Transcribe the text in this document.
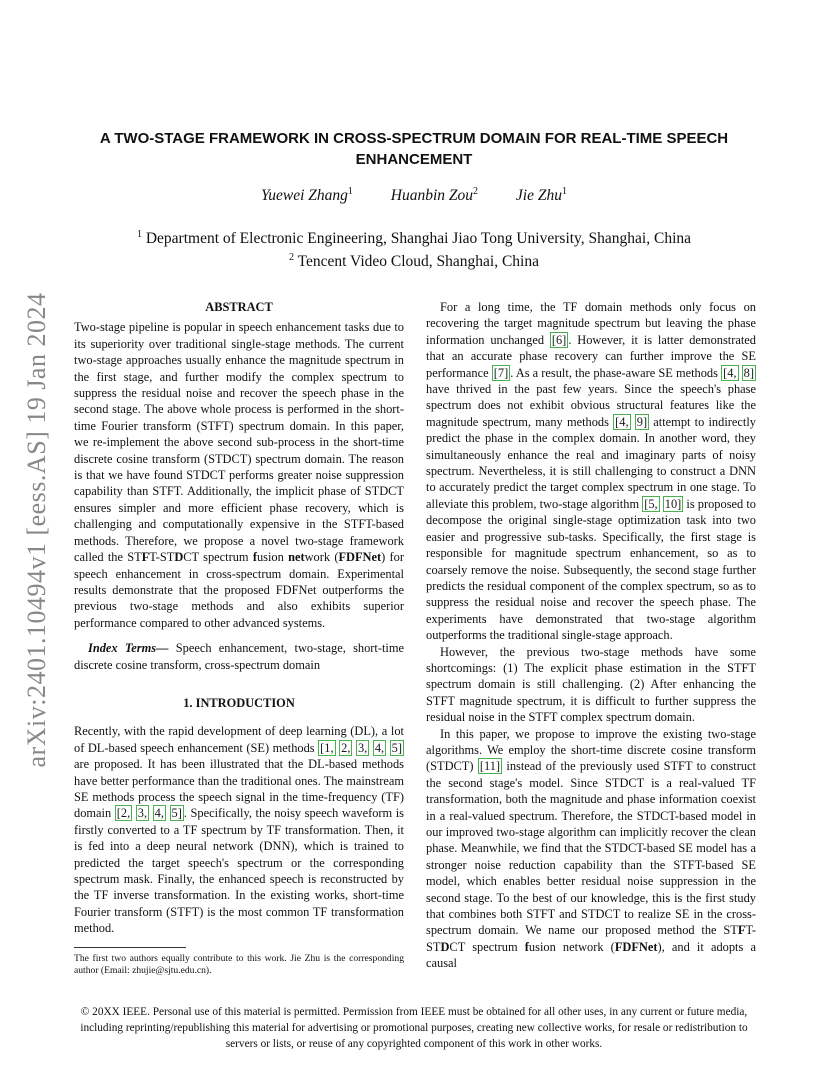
arXiv:2401.10494v1 [eess.AS] 19 Jan 2024
A TWO-STAGE FRAMEWORK IN CROSS-SPECTRUM DOMAIN FOR REAL-TIME SPEECH ENHANCEMENT
Yuewei Zhang$^1$ Huanbin Zou$^2$ Jie Zhu$^1$
$^1$ Department of Electronic Engineering, Shanghai Jiao Tong University, Shanghai, China
$^2$ Tencent Video Cloud, Shanghai, China
ABSTRACT

Two-stage pipeline is popular in speech enhancement tasks due to its superiority over traditional single-stage methods. The current two-stage approaches usually enhance the magnitude spectrum in the first stage, and further modify the complex spectrum to suppress the residual noise and recover the speech phase in the second stage. The above whole process is performed in the short-time Fourier transform (STFT) spectrum domain. In this paper, we re-implement the above second sub-process in the short-time discrete cosine transform (STDCT) spectrum domain. The reason is that we have found STDCT performs greater noise suppression capability than STFT. Additionally, the implicit phase of STDCT ensures simpler and more efficient phase recovery, which is challenging and computationally expensive in the STFT-based methods. Therefore, we propose a novel two-stage framework called the STFT-STDCT spectrum fusion network (FDFNet) for speech enhancement in cross-spectrum domain. Experimental results demonstrate that the proposed FDFNet outperforms the previous two-stage methods and also exhibits superior performance compared to other advanced systems.

Index Terms— Speech enhancement, two-stage, short-time discrete cosine transform, cross-spectrum domain

1. INTRODUCTION

Recently, with the rapid development of deep learning (DL), a lot of DL-based speech enhancement (SE) methods [1, 2, 3, 4, 5] are proposed. It has been illustrated that the DL-based methods have better performance than the traditional ones. The mainstream SE methods process the speech signal in the time-frequency (TF) domain [2, 3, 4, 5] . Specifically, the noisy speech waveform is firstly converted to a TF spectrum by TF transformation. Then, it is fed into a deep neural network (DNN), which is trained to predicted the target speech's spectrum or the corresponding spectrum mask. Finally, the enhanced speech is reconstructed by the TF inverse transformation. In the existing works, short-time Fourier transform (STFT) is the most common TF transformation method.

The first two authors equally contribute to this work. Jie Zhu is the corresponding author (Email: zhujie@sjtu.edu.cn).

For a long time, the TF domain methods only focus on recovering the target magnitude spectrum but leaving the phase information unchanged [6] . However, it is latter demonstrated that an accurate phase recovery can further improve the SE performance [7] . As a result, the phase-aware SE methods [4, 8] have thrived in the past few years. Since the speech's phase spectrum does not exhibit obvious structural features like the magnitude spectrum, many methods [4, 9] attempt to indirectly predict the phase in the complex domain. In another word, they simultaneously enhance the real and imaginary parts of noisy spectrum. Nevertheless, it is still challenging to construct a DNN to accurately predict the target complex spectrum in one stage. To alleviate this problem, two-stage algorithm [5, 10] is proposed to decompose the original single-stage optimization task into two easier and progressive sub-tasks. Specifically, the first stage is responsible for magnitude spectrum enhancement, so as to coarsely remove the noise. Subsequently, the second stage further predicts the residual component of the complex spectrum, so as to suppress the residual noise and recover the speech phase. The experiments have demonstrated that two-stage algorithm outperforms the traditional single-stage approach.

However, the previous two-stage methods have some shortcomings: (1) The explicit phase estimation in the STFT spectrum domain is still challenging. (2) After enhancing the STFT magnitude spectrum, it is difficult to further suppress the residual noise in the STFT complex spectrum domain.

In this paper, we propose to improve the existing two-stage algorithms. We employ the short-time discrete cosine transform (STDCT) [11] instead of the previously used STFT to construct the second stage's model. Since STDCT is a real-valued TF transformation, both the magnitude and phase information coexist in a real-valued spectrum. Therefore, the STDCT-based model in our improved two-stage algorithm can implicitly recover the clean phase. Meanwhile, we find that the STDCT-based SE model has a stronger noise reduction capability than the STFT-based SE model, which enables better residual noise suppression in the second stage. To the best of our knowledge, this is the first study that combines both STFT and STDCT to realize SE in the cross-spectrum domain. We name our proposed method the STFT-STDCT spectrum fusion network (FDFNet), and it adopts a causal

© 20XX IEEE. Personal use of this material is permitted. Permission from IEEE must be obtained for all other uses, in any current or future media, including reprinting/republishing this material for advertising or promotional purposes, creating new collective works, for resale or redistribution to servers or lists, or reuse of any copyrighted component of this work in other works.
